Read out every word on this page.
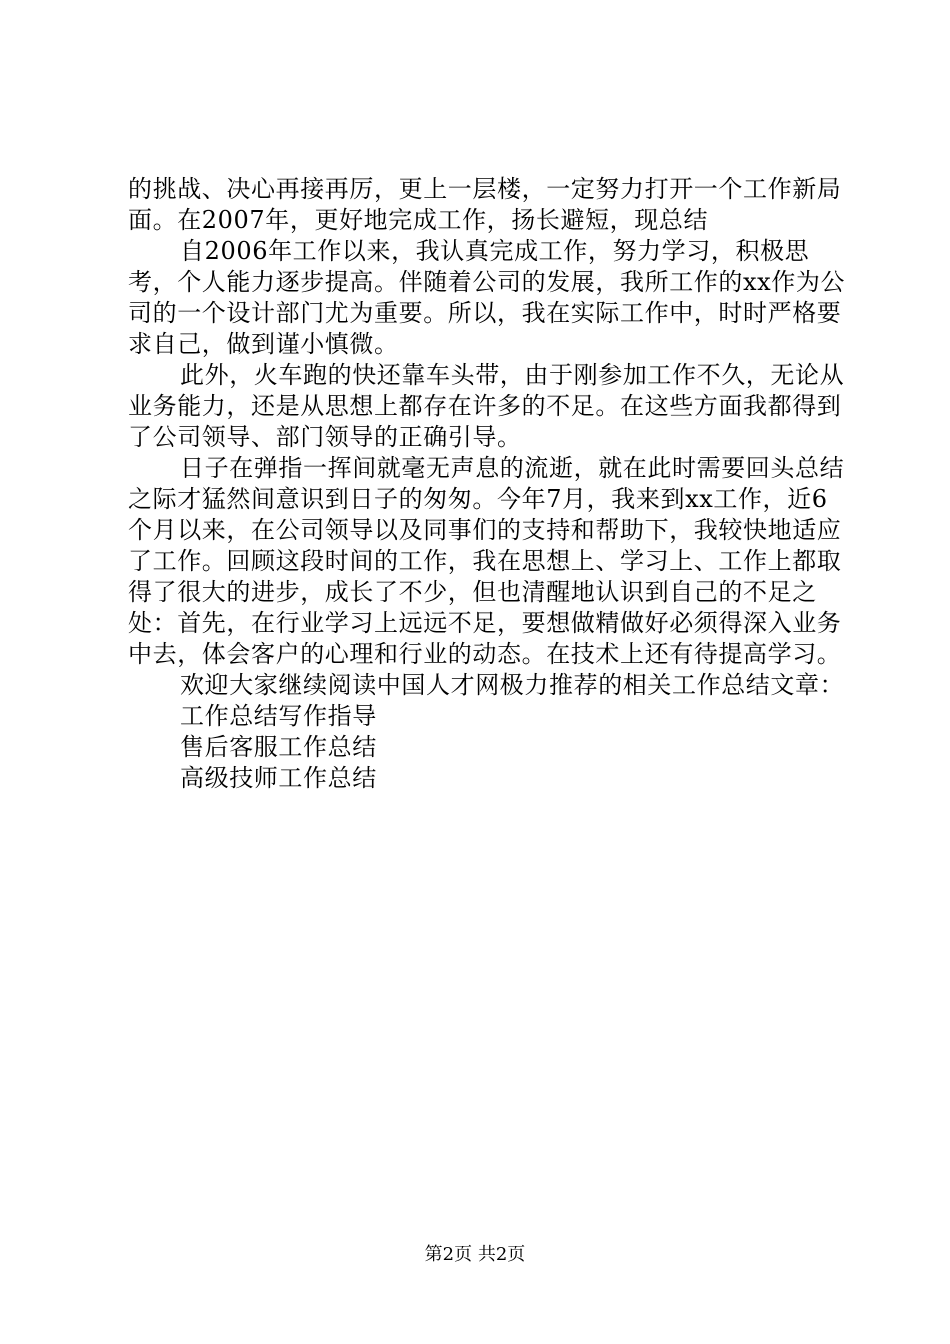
的挑战、决心再接再厉，更上一层楼，一定努力打开一个工作新局面。在2007年，更好地完成工作，扬长避短，现总结

自2006年工作以来，我认真完成工作，努力学习，积极思考，个人能力逐步提高。伴随着公司的发展，我所工作的xx作为公司的一个设计部门尤为重要。所以，我在实际工作中，时时严格要求自己，做到谨小慎微。

此外，火车跑的快还靠车头带，由于刚参加工作不久，无论从业务能力，还是从思想上都存在许多的不足。在这些方面我都得到了公司领导、部门领导的正确引导。

日子在弹指一挥间就毫无声息的流逝，就在此时需要回头总结之际才猛然间意识到日子的匆匆。今年7月，我来到xx工作，近6个月以来，在公司领导以及同事们的支持和帮助下，我较快地适应了工作。回顾这段时间的工作，我在思想上、学习上、工作上都取得了很大的进步，成长了不少，但也清醒地认识到自己的不足之处：首先，在行业学习上远远不足，要想做精做好必须得深入业务中去，体会客户的心理和行业的动态。在技术上还有待提高学习。

欢迎大家继续阅读中国人才网极力推荐的相关工作总结文章：

工作总结写作指导
售后客服工作总结
高级技师工作总结
第2页 共2页
